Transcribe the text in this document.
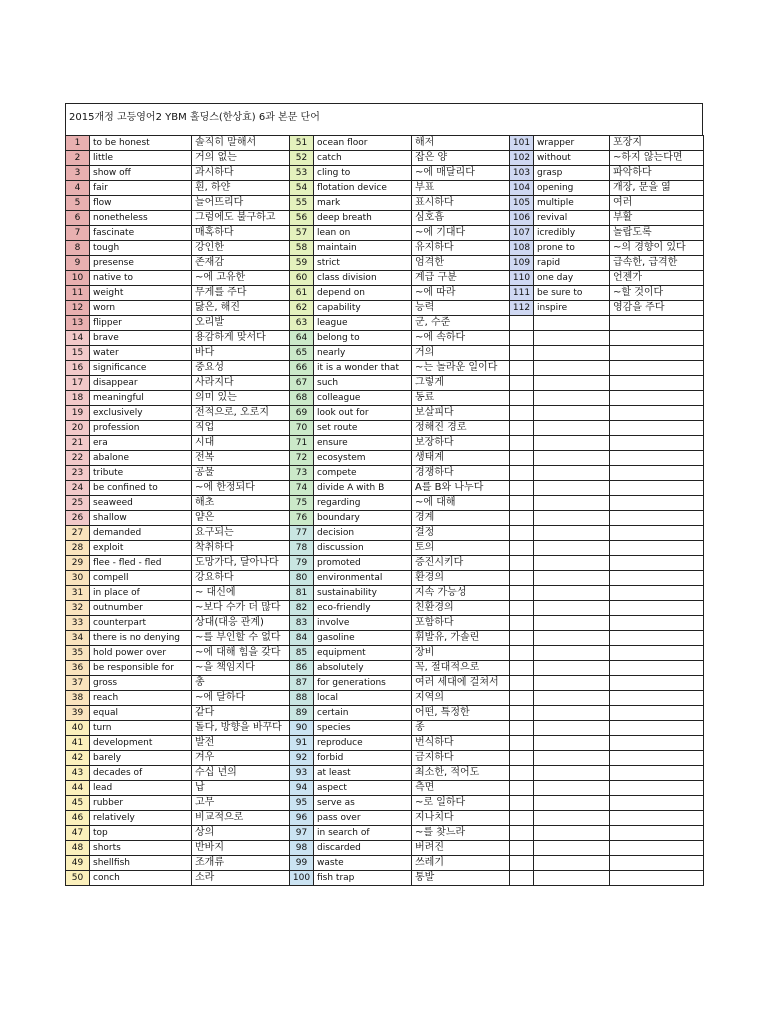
2015개정 고등영어2 YBM 홀딩스(한상효) 6과 본문 단어
1	to be honest	솔직히 말해서	51	ocean floor	해저	101	wrapper	포장지
2	little	거의 없는	52	catch	잡은 양	102	without	~하지 않는다면
3	show off	과시하다	53	cling to	~에 매달리다	103	grasp	파악하다
4	fair	흰, 하얀	54	flotation device	부표	104	opening	개장, 문을 엶
5	flow	늘어뜨리다	55	mark	표시하다	105	multiple	여러
6	nonetheless	그럼에도 불구하고	56	deep breath	심호흡	106	revival	부활
7	fascinate	매혹하다	57	lean on	~에 기대다	107	icredibly	놀랍도록
8	tough	강인한	58	maintain	유지하다	108	prone to	~의 경향이 있다
9	presense	존재감	59	strict	엄격한	109	rapid	급속한, 급격한
10	native to	~에 고유한	60	class division	계급 구분	110	one day	언젠가
11	weight	무게를 주다	61	depend on	~에 따라	111	be sure to	~할 것이다
12	worn	닳은, 해진	62	capability	능력	112	inspire	영감을 주다
13	flipper	오리발	63	league	군, 수준			
14	brave	용감하게 맞서다	64	belong to	~에 속하다			
15	water	바다	65	nearly	거의			
16	significance	중요성	66	it is a wonder that	~는 놀라운 일이다			
17	disappear	사라지다	67	such	그렇게			
18	meaningful	의미 있는	68	colleague	동료			
19	exclusively	전적으로, 오로지	69	look out for	보살피다			
20	profession	직업	70	set route	정해진 경로			
21	era	시대	71	ensure	보장하다			
22	abalone	전복	72	ecosystem	생태계			
23	tribute	공물	73	compete	경쟁하다			
24	be confined to	~에 한정되다	74	divide A with B	A를 B와 나누다			
25	seaweed	해초	75	regarding	~에 대해			
26	shallow	얕은	76	boundary	경계			
27	demanded	요구되는	77	decision	결정			
28	exploit	착취하다	78	discussion	토의			
29	flee - fled - fled	도망가다, 달아나다	79	promoted	증진시키다			
30	compell	강요하다	80	environmental	환경의			
31	in place of	~ 대신에	81	sustainability	지속 가능성			
32	outnumber	~보다 수가 더 많다	82	eco-friendly	친환경의			
33	counterpart	상대(대응 관계)	83	involve	포함하다			
34	there is no denying	~를 부인할 수 없다	84	gasoline	휘발유, 가솔린			
35	hold power over	~에 대해 힘을 갖다	85	equipment	장비			
36	be responsible for	~을 책임지다	86	absolutely	꼭, 절대적으로			
37	gross	총	87	for generations	여러 세대에 걸쳐서			
38	reach	~에 달하다	88	local	지역의			
39	equal	같다	89	certain	어떤, 특정한			
40	turn	돌다, 방향을 바꾸다	90	species	종			
41	development	발전	91	reproduce	번식하다			
42	barely	겨우	92	forbid	금지하다			
43	decades of	수십 년의	93	at least	최소한, 적어도			
44	lead	납	94	aspect	측면			
45	rubber	고무	95	serve as	~로 일하다			
46	relatively	비교적으로	96	pass over	지나치다			
47	top	상의	97	in search of	~를 찾느라			
48	shorts	반바지	98	discarded	버려진			
49	shellfish	조개류	99	waste	쓰레기			
50	conch	소라	100	fish trap	통발			
